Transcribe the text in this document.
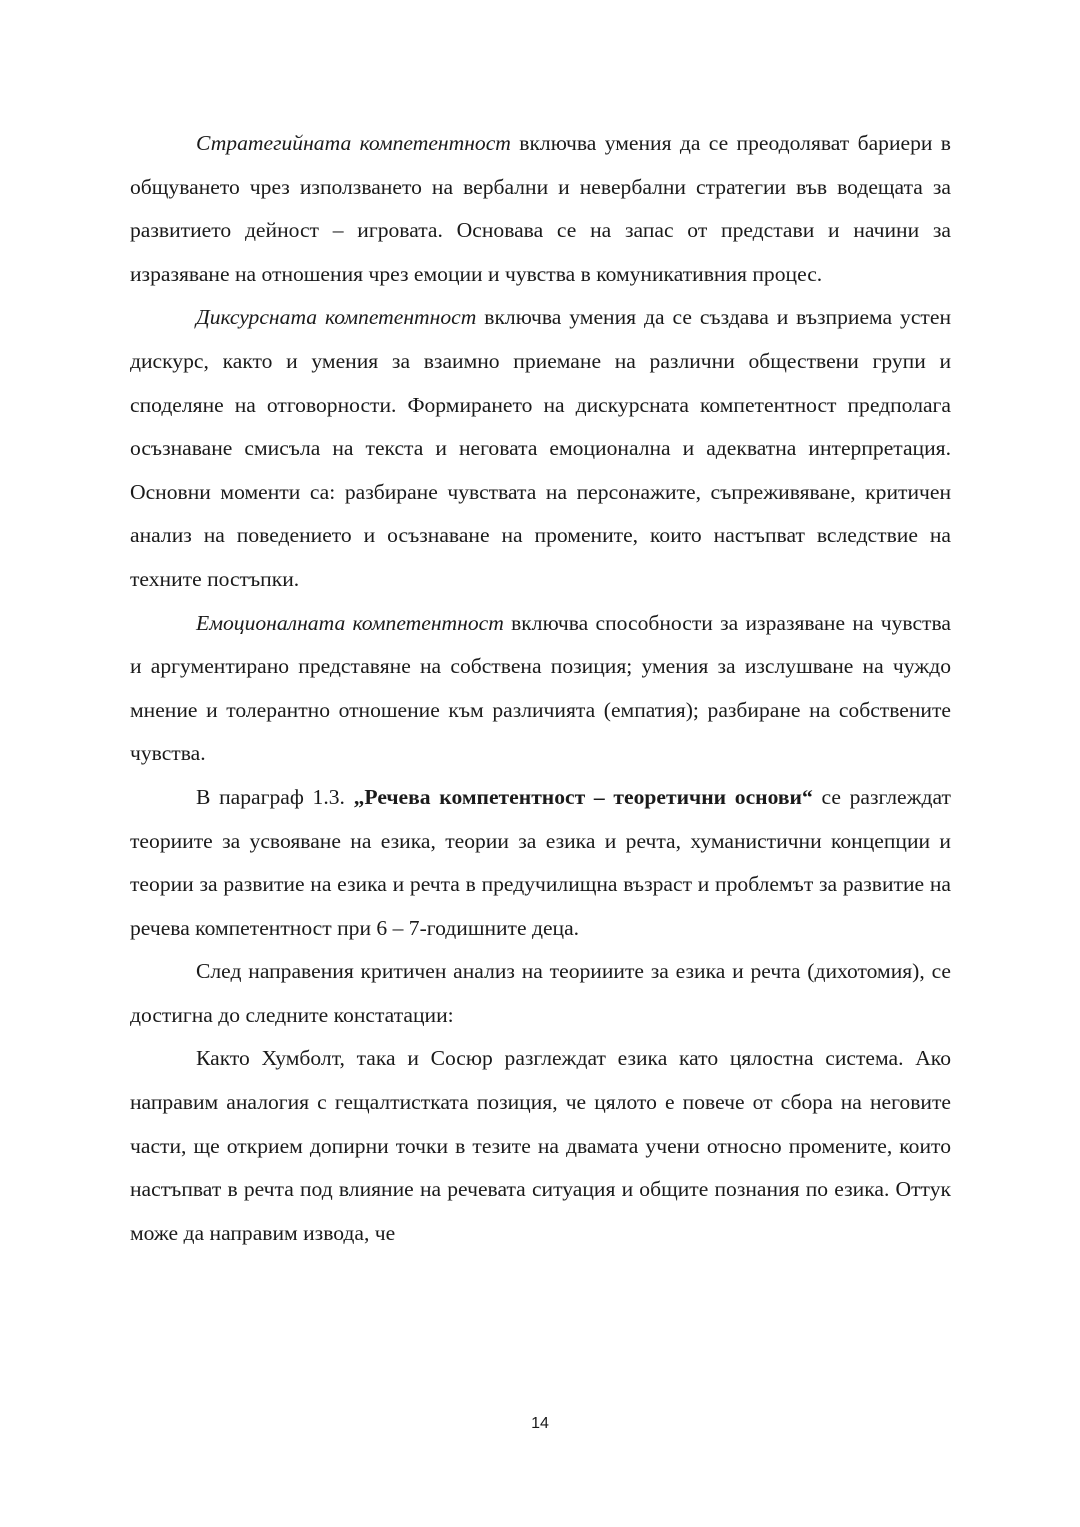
Стратегийната компетентност включва умения да се преодоляват бариери в общуването чрез използването на вербални и невербални стратегии във водещата за развитието дейност – игровата. Основава се на запас от представи и начини за изразяване на отношения чрез емоции и чувства в комуникативния процес.

Диксурсната компетентност включва умения да се създава и възприема устен дискурс, както и умения за взаимно приемане на различни обществени групи и споделяне на отговорности. Формирането на дискурсната компетентност предполага осъзнаване смисъла на текста и неговата емоционална и адекватна интерпретация. Основни моменти са: разбиране чувствата на персонажите, съпреживяване, критичен анализ на поведението и осъзнаване на промените, които настъпват вследствие на техните постъпки.

Емоционалната компетентност включва способности за изразяване на чувства и аргументирано представяне на собствена позиция; умения за изслушване на чуждо мнение и толерантно отношение към различията (емпатия); разбиране на собствените чувства.

В параграф 1.3. „Речева компетентност – теоретични основи“ се разглеждат теориите за усвояване на езика, теории за езика и речта, хуманистични концепции и теории за развитие на езика и речта в предучилищна възраст и проблемът за развитие на речева компетентност при 6 – 7-годишните деца.

След направения критичен анализ на теорииите за езика и речта (дихотомия), се достигна до следните констатации:

Както Хумболт, така и Сосюр разглеждат езика като цялостна система. Ако направим аналогия с гещалтистката позиция, че цялото е повече от сбора на неговите части, ще открием допирни точки в тезите на двамата учени относно промените, които настъпват в речта под влияние на речевата ситуация и общите познания по езика. Оттук може да направим извода, че

14
